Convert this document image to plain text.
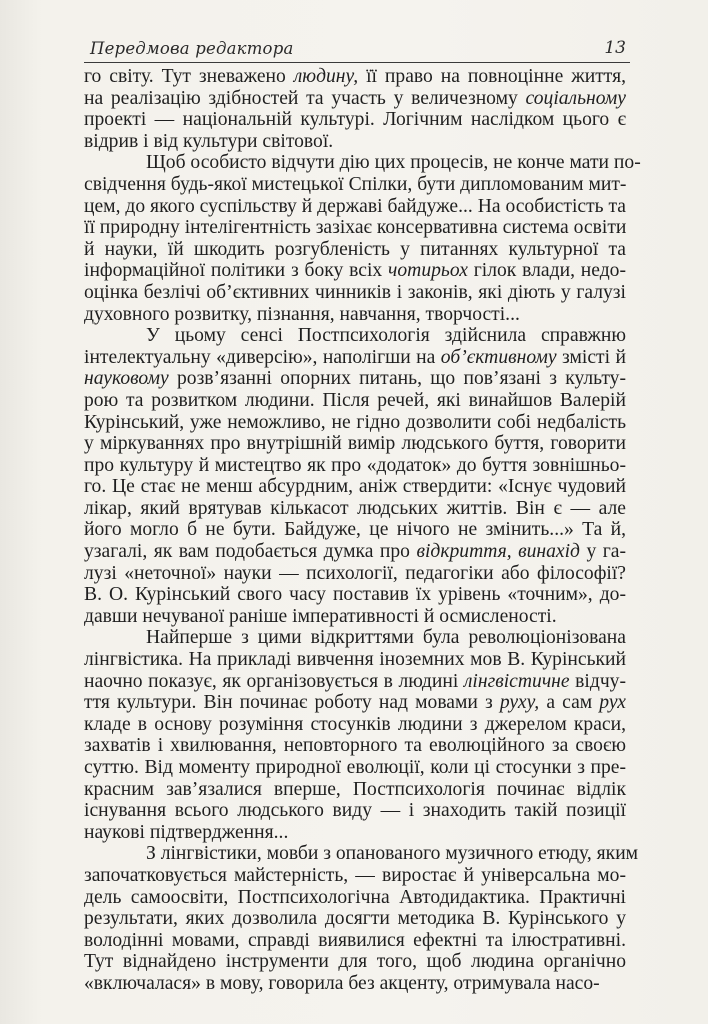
Передмова редактора	13
го світу. Тут зневажено людину, її право на повноцінне життя,
на реалізацію здібностей та участь у величезному соціальному
проекті — національній культурі. Логічним наслідком цього є
відрив і від культури світової.
Щоб особисто відчути дію цих процесів, не конче мати по-
свідчення будь-якої мистецької Спілки, бути дипломованим мит-
цем, до якого суспільству й державі байдуже... На особистість та
її природну інтелігентність зазіхає консервативна система освіти
й науки, їй шкодить розгубленість у питаннях культурної та
інформаційної політики з боку всіх чотирьох гілок влади, недо-
оцінка безлічі об’єктивних чинників і законів, які діють у галузі
духовного розвитку, пізнання, навчання, творчості...
У цьому сенсі Постпсихологія здійснила справжню
інтелектуальну «диверсію», наполігши на об’єктивному змісті й
науковому розв’язанні опорних питань, що пов’язані з культу-
рою та розвитком людини. Після речей, які винайшов Валерій
Курінський, уже неможливо, не гідно дозволити собі недбалість
у міркуваннях про внутрішній вимір людського буття, говорити
про культуру й мистецтво як про «додаток» до буття зовнішньо-
го. Це стає не менш абсурдним, аніж ствердити: «Існує чудовий
лікар, який врятував кількасот людських життів. Він є — але
його могло б не бути. Байдуже, це нічого не змінить...» Та й,
узагалі, як вам подобається думка про відкриття, винахід у га-
лузі «неточної» науки — психології, педагогіки або філософії?
В. О. Курінський свого часу поставив їх урівень «точним», до-
давши нечуваної раніше імперативності й осмисленості.
Найперше з цими відкриттями була революціонізована
лінгвістика. На прикладі вивчення іноземних мов В. Курінський
наочно показує, як організовується в людині лінгвістичне відчу-
ття культури. Він починає роботу над мовами з руху, а сам рух
кладе в основу розуміння стосунків людини з джерелом краси,
захватів і хвилювання, неповторного та еволюційного за своєю
суттю. Від моменту природної еволюції, коли ці стосунки з пре-
красним зав’язалися вперше, Постпсихологія починає відлік
існування всього людського виду — і знаходить такій позиції
наукові підтвердження...
З лінгвістики, мовби з опанованого музичного етюду, яким
започатковується майстерність, — виростає й універсальна мо-
дель самоосвіти, Постпсихологічна Автодидактика. Практичні
результати, яких дозволила досягти методика В. Курінського у
володінні мовами, справді виявилися ефектні та ілюстративні.
Тут віднайдено інструменти для того, щоб людина органічно
«включалася» в мову, говорила без акценту, отримувала насо-
